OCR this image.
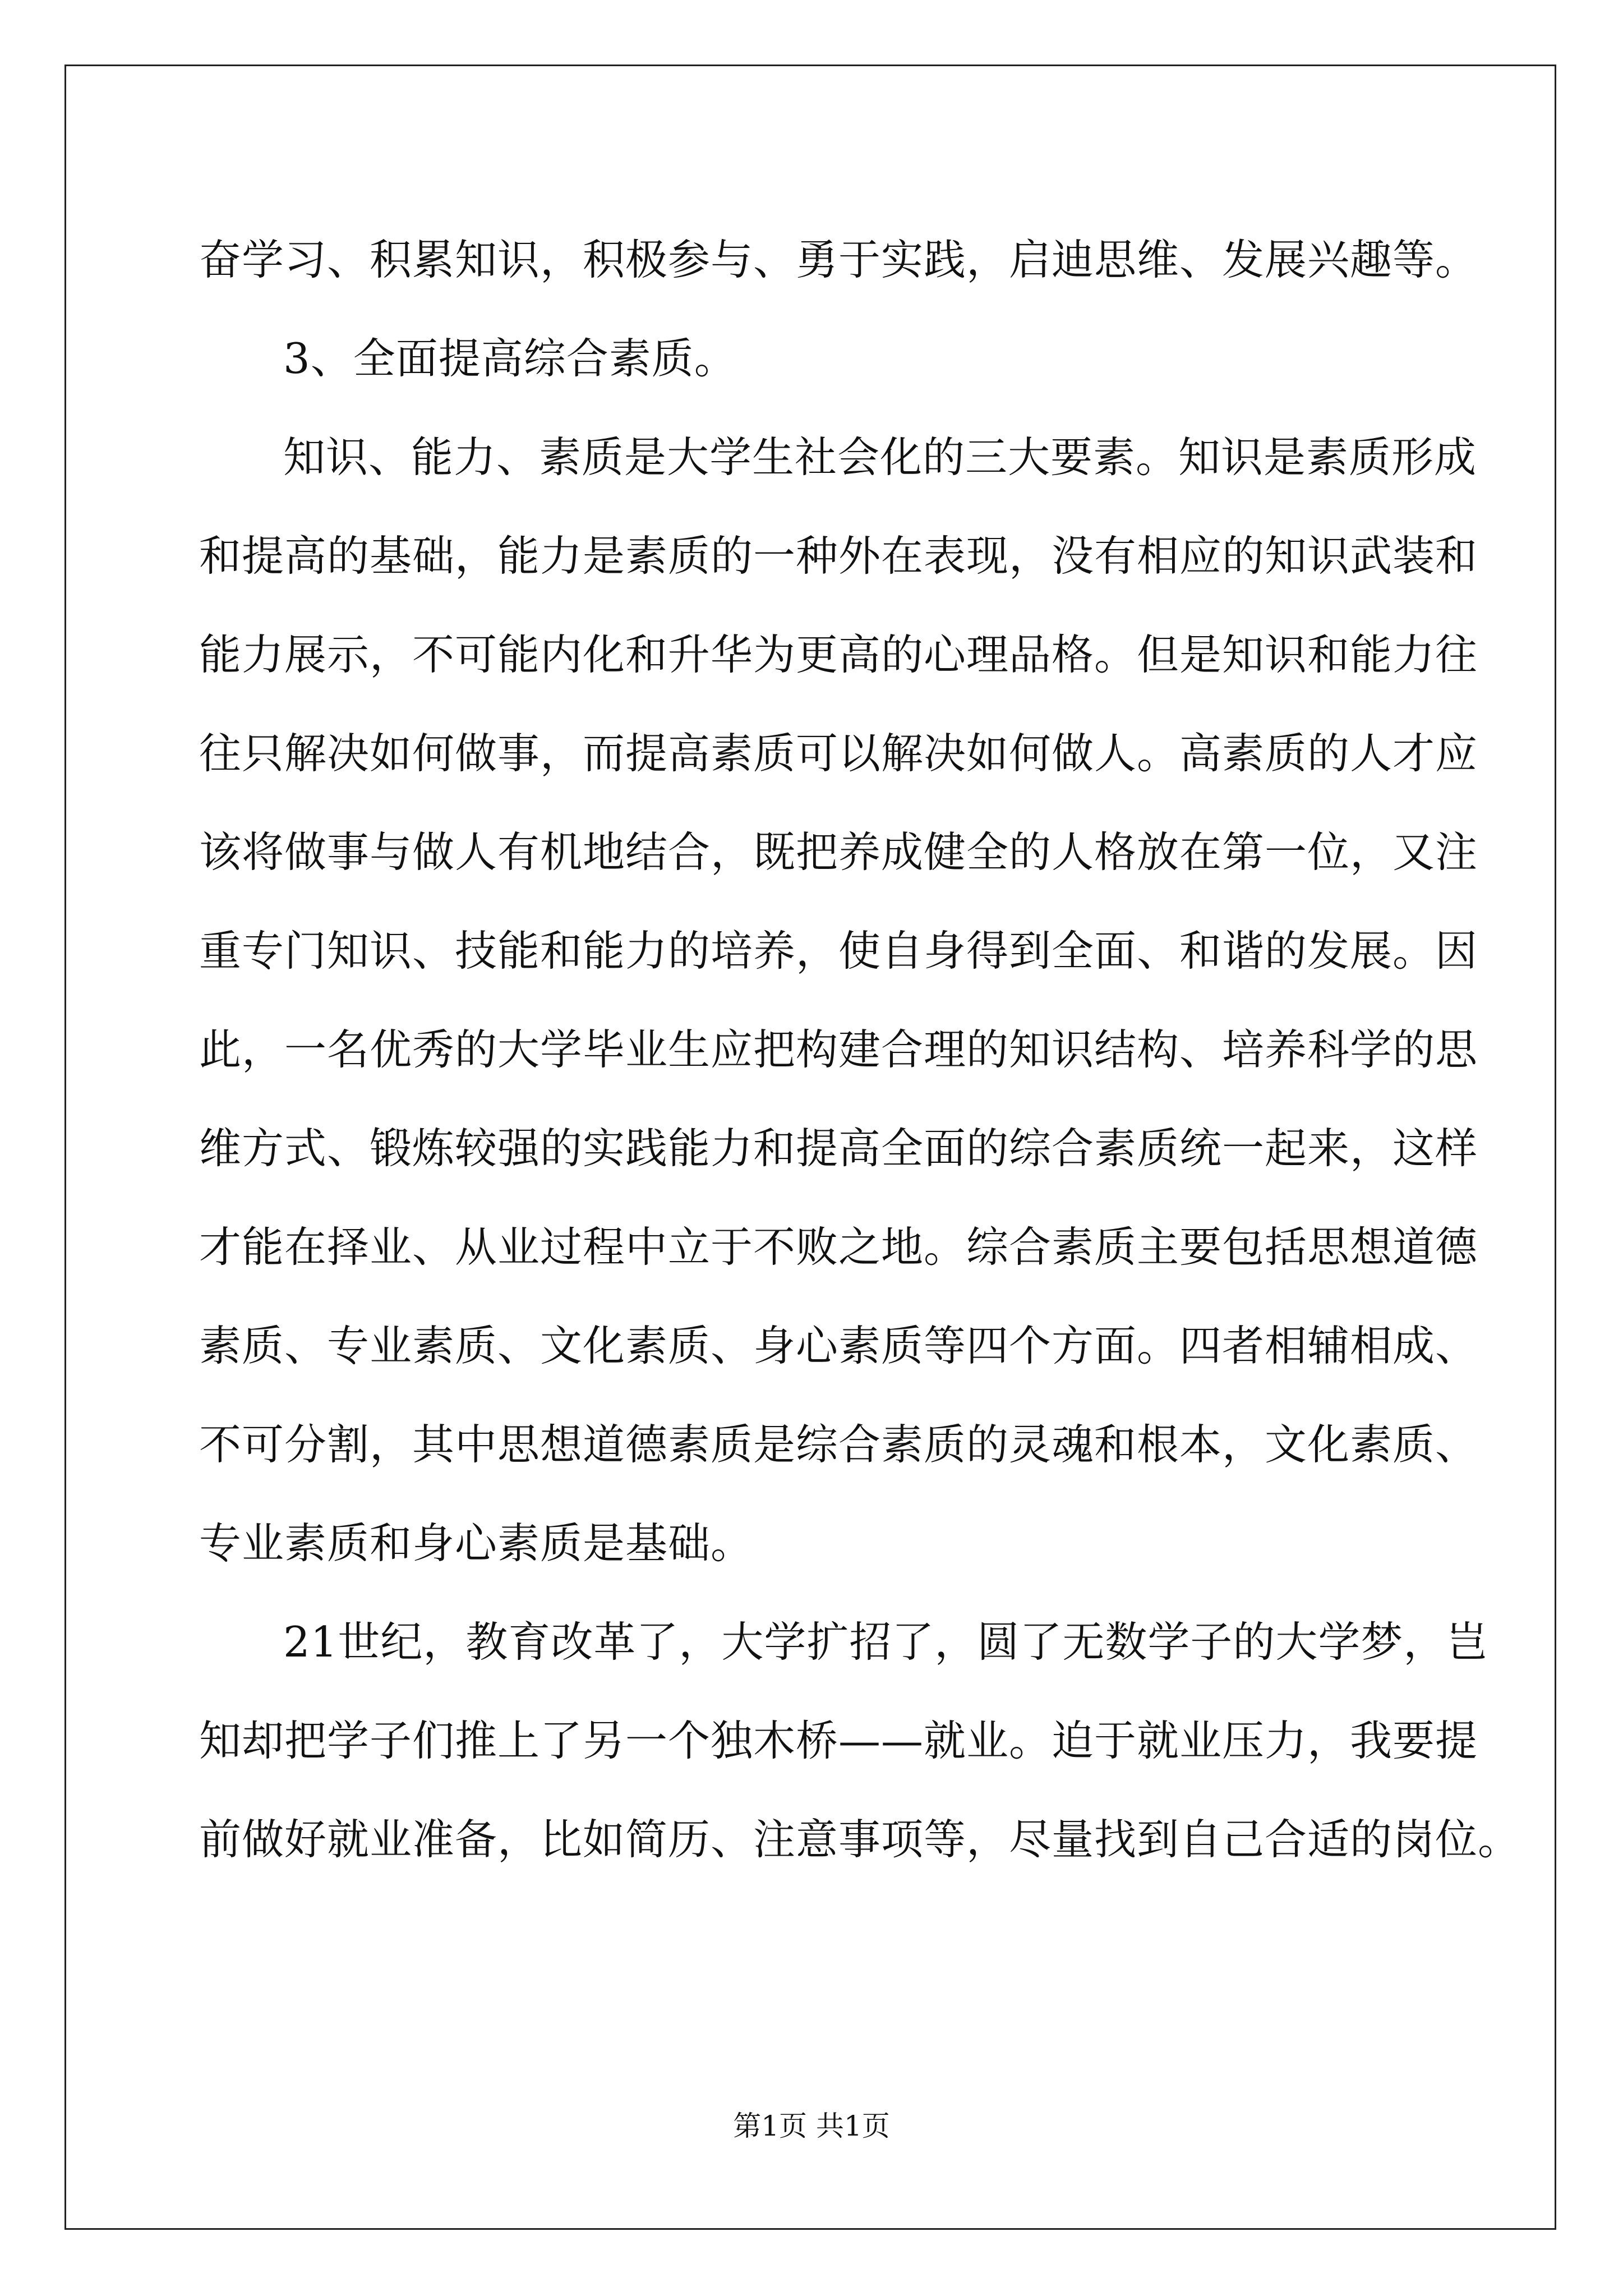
奋学习、积累知识，积极参与、勇于实践，启迪思维、发展兴趣等。
3、全面提高综合素质。
知识、能力、素质是大学生社会化的三大要素。知识是素质形成
和提高的基础，能力是素质的一种外在表现，没有相应的知识武装和
能力展示，不可能内化和升华为更高的心理品格。但是知识和能力往
往只解决如何做事，而提高素质可以解决如何做人。高素质的人才应
该将做事与做人有机地结合，既把养成健全的人格放在第一位，又注
重专门知识、技能和能力的培养，使自身得到全面、和谐的发展。因
此，一名优秀的大学毕业生应把构建合理的知识结构、培养科学的思
维方式、锻炼较强的实践能力和提高全面的综合素质统一起来，这样
才能在择业、从业过程中立于不败之地。综合素质主要包括思想道德
素质、专业素质、文化素质、身心素质等四个方面。四者相辅相成、
不可分割，其中思想道德素质是综合素质的灵魂和根本，文化素质、
专业素质和身心素质是基础。
21世纪，教育改革了，大学扩招了，圆了无数学子的大学梦，岂
知却把学子们推上了另一个独木桥——就业。迫于就业压力，我要提
前做好就业准备，比如简历、注意事项等，尽量找到自己合适的岗位。
第1页 共1页
